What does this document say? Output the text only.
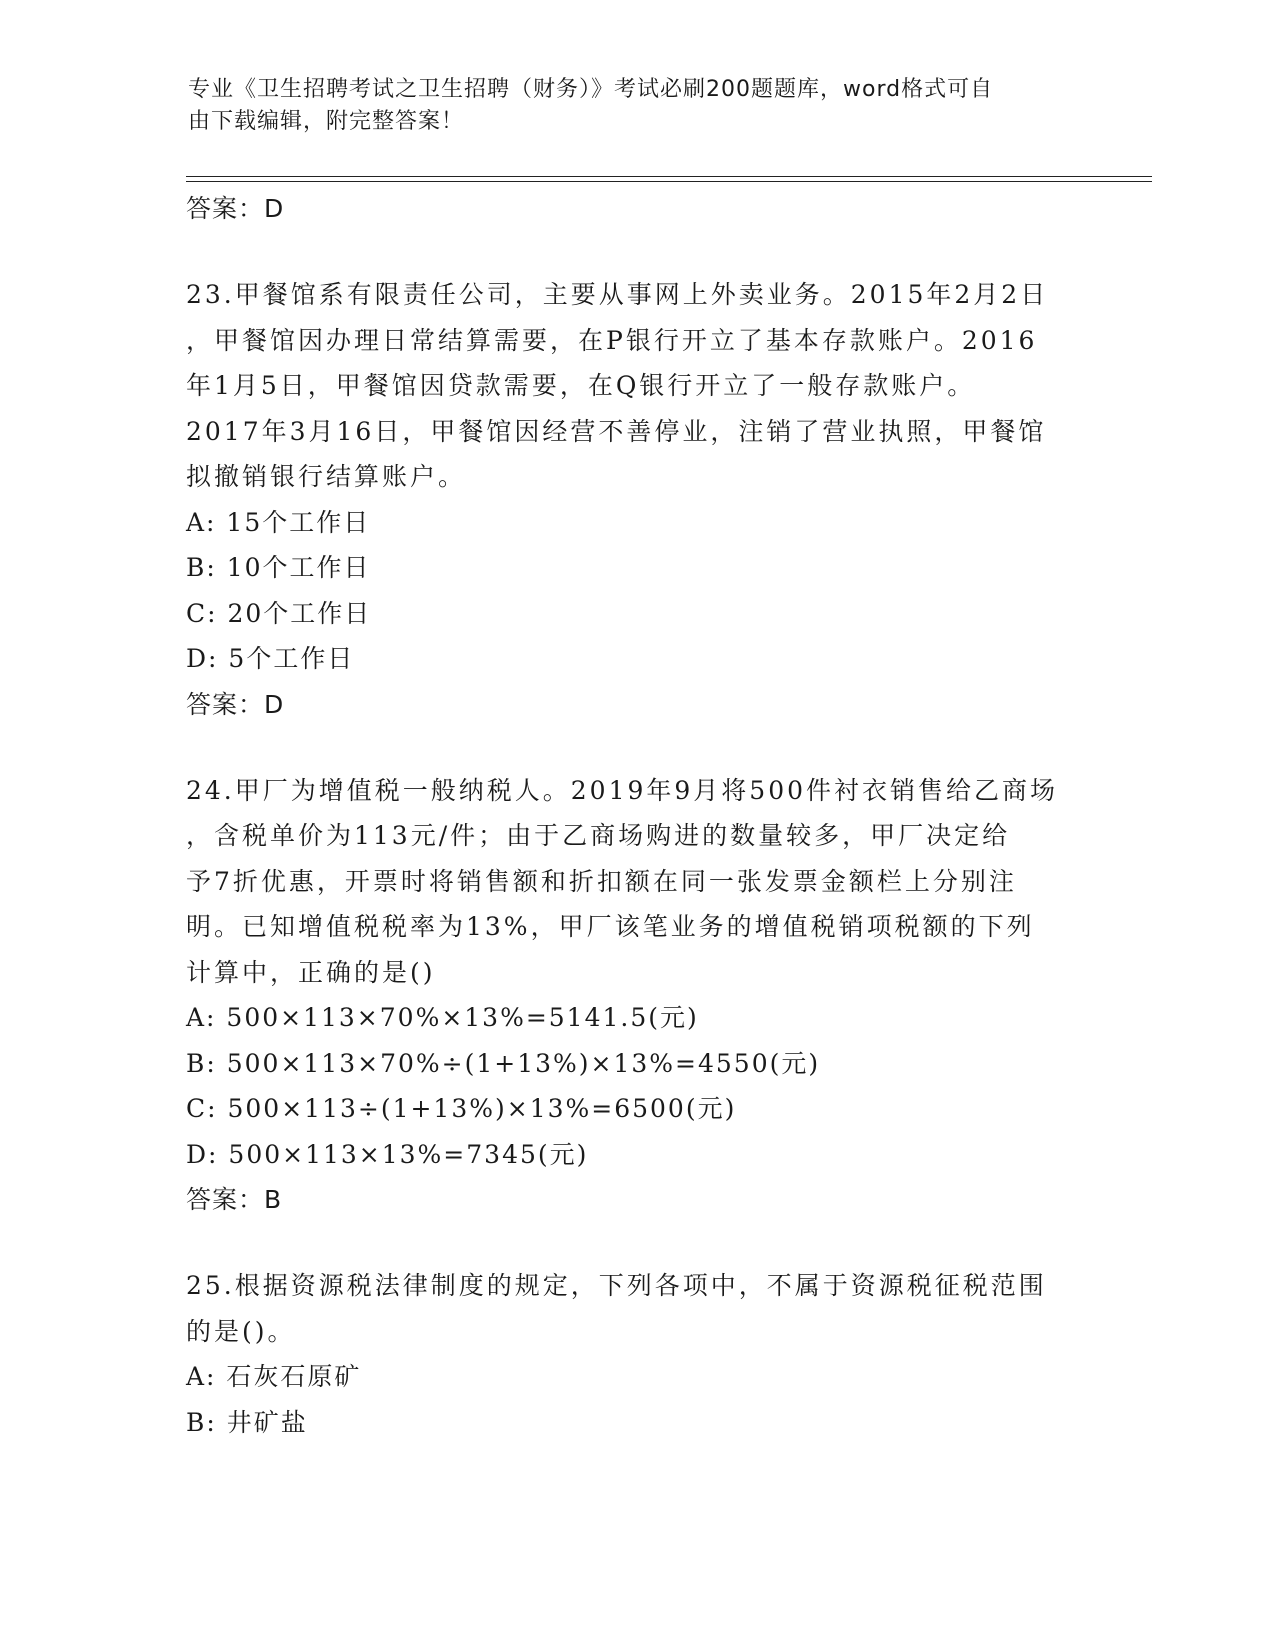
专业《卫生招聘考试之卫生招聘（财务）》考试必刷200题题库，word格式可自
由下载编辑，附完整答案！
答案：D
23.甲餐馆系有限责任公司，主要从事网上外卖业务。2015年2月2日
，甲餐馆因办理日常结算需要，在P银行开立了基本存款账户。2016
年1月5日，甲餐馆因贷款需要，在Q银行开立了一般存款账户。
2017年3月16日，甲餐馆因经营不善停业，注销了营业执照，甲餐馆
拟撤销银行结算账户。
A: 15个工作日
B: 10个工作日
C: 20个工作日
D: 5个工作日
答案：D
24.甲厂为增值税一般纳税人。2019年9月将500件衬衣销售给乙商场
，含税单价为113元/件；由于乙商场购进的数量较多，甲厂决定给
予7折优惠，开票时将销售额和折扣额在同一张发票金额栏上分别注
明。已知增值税税率为13%，甲厂该笔业务的增值税销项税额的下列
计算中，正确的是()
A: 500×113×70%×13%=5141.5(元)
B: 500×113×70%÷(1+13%)×13%=4550(元)
C: 500×113÷(1+13%)×13%=6500(元)
D: 500×113×13%=7345(元)
答案：B
25.根据资源税法律制度的规定，下列各项中，不属于资源税征税范围
的是()。
A: 石灰石原矿
B: 井矿盐
